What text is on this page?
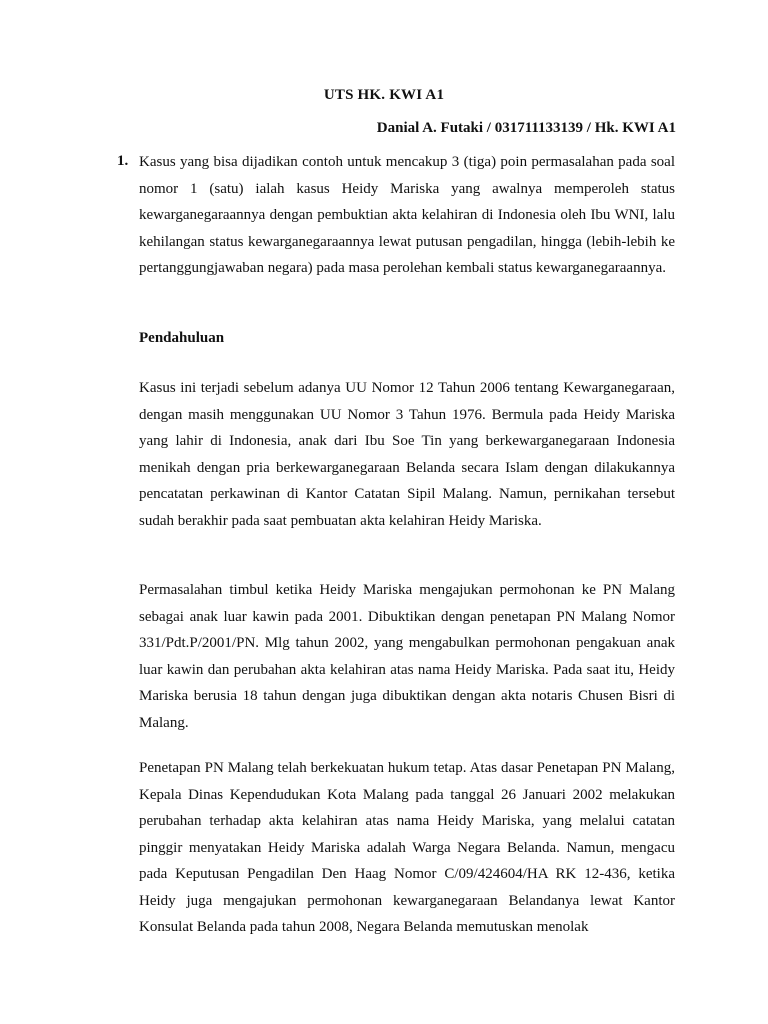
UTS HK. KWI A1
Danial A. Futaki / 031711133139 / Hk. KWI A1
1. Kasus yang bisa dijadikan contoh untuk mencakup 3 (tiga) poin permasalahan pada soal nomor 1 (satu) ialah kasus Heidy Mariska yang awalnya memperoleh status kewarganegaraannya dengan pembuktian akta kelahiran di Indonesia oleh Ibu WNI, lalu kehilangan status kewarganegaraannya lewat putusan pengadilan, hingga (lebih-lebih ke pertanggungjawaban negara) pada masa perolehan kembali status kewarganegaraannya.

Pendahuluan

Kasus ini terjadi sebelum adanya UU Nomor 12 Tahun 2006 tentang Kewarganegaraan, dengan masih menggunakan UU Nomor 3 Tahun 1976. Bermula pada Heidy Mariska yang lahir di Indonesia, anak dari Ibu Soe Tin yang berkewarganegaraan Indonesia menikah dengan pria berkewarganegaraan Belanda secara Islam dengan dilakukannya pencatatan perkawinan di Kantor Catatan Sipil Malang. Namun, pernikahan tersebut sudah berakhir pada saat pembuatan akta kelahiran Heidy Mariska.

Permasalahan timbul ketika Heidy Mariska mengajukan permohonan ke PN Malang sebagai anak luar kawin pada 2001. Dibuktikan dengan penetapan PN Malang Nomor 331/Pdt.P/2001/PN. Mlg tahun 2002, yang mengabulkan permohonan pengakuan anak luar kawin dan perubahan akta kelahiran atas nama Heidy Mariska. Pada saat itu, Heidy Mariska berusia 18 tahun dengan juga dibuktikan dengan akta notaris Chusen Bisri di Malang.

Penetapan PN Malang telah berkekuatan hukum tetap. Atas dasar Penetapan PN Malang, Kepala Dinas Kependudukan Kota Malang pada tanggal 26 Januari 2002 melakukan perubahan terhadap akta kelahiran atas nama Heidy Mariska, yang melalui catatan pinggir menyatakan Heidy Mariska adalah Warga Negara Belanda. Namun, mengacu pada Keputusan Pengadilan Den Haag Nomor C/09/424604/HA RK 12-436, ketika Heidy juga mengajukan permohonan kewarganegaraan Belandanya lewat Kantor Konsulat Belanda pada tahun 2008, Negara Belanda memutuskan menolak
